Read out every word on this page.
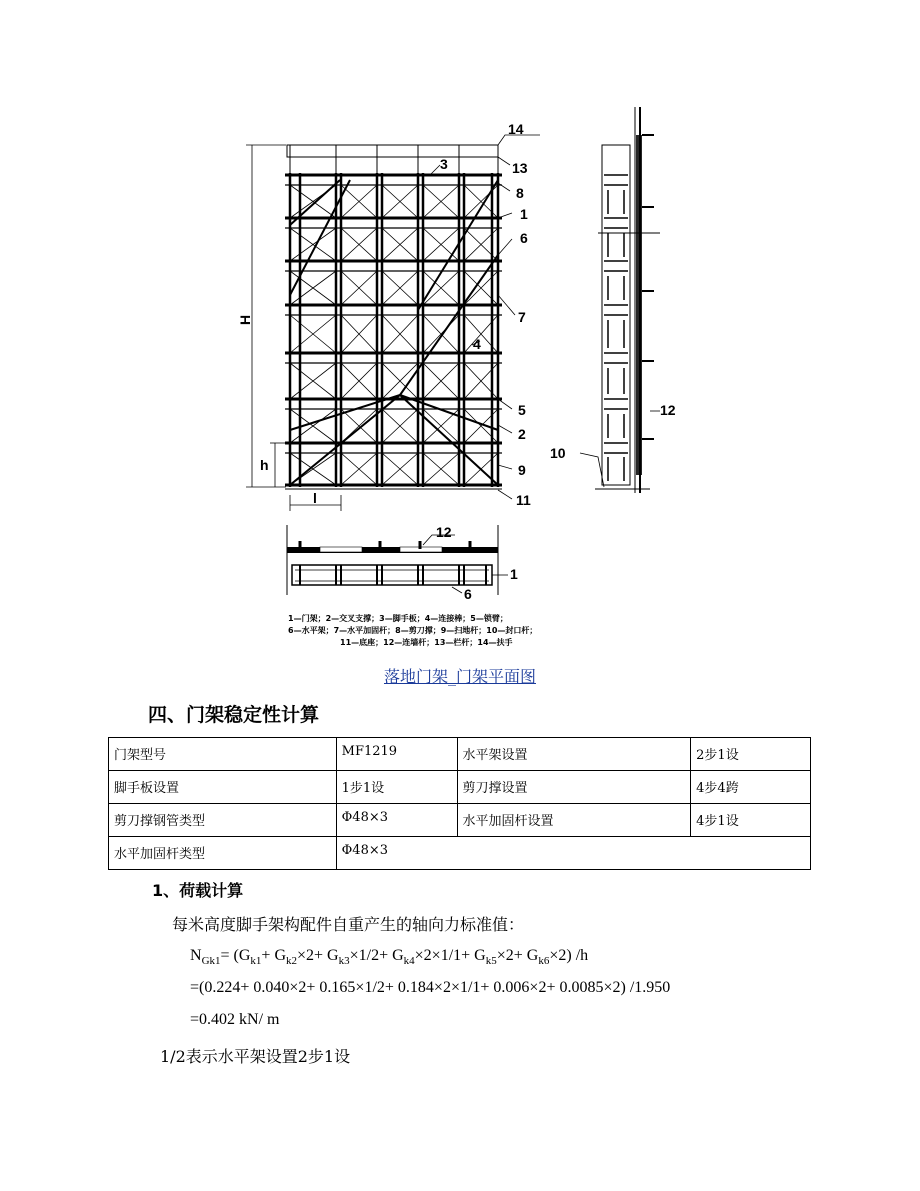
14
13
3
8
1
6
7
4
5
2
9
11
H
h
l
12
10
12
1
6
1—门架；2—交叉支撑；3—脚手板；4—连接棒；5—锁臂；
6—水平架；7—水平加固杆；8—剪刀撑；9—扫地杆；10—封口杆；
11—底座；12—连墙杆；13—栏杆；14—扶手
落地门架_门架平面图
四、门架稳定性计算
门架型号	MF1219	水平架设置	2步1设
脚手板设置	1步1设	剪刀撑设置	4步4跨
剪刀撑钢管类型	Φ48×3	水平加固杆设置	4步1设
水平加固杆类型	Φ48×3		
1、荷载计算
每米高度脚手架构配件自重产生的轴向力标准值：
$N_{Gk1}= (G_{k1}+ G_{k2}\times 2+ G_{k3}\times 1/2+ G_{k4}\times 2\times 1/1+ G_{k5}\times 2+ G_{k6}\times 2)$ /h
=(0.224+ 0.040×2+ 0.165×1/2+ 0.184×2×1/1+ 0.006×2+ 0.0085×2) /1.950
=0.402 kN/ m
1/2表示水平架设置2步1设
